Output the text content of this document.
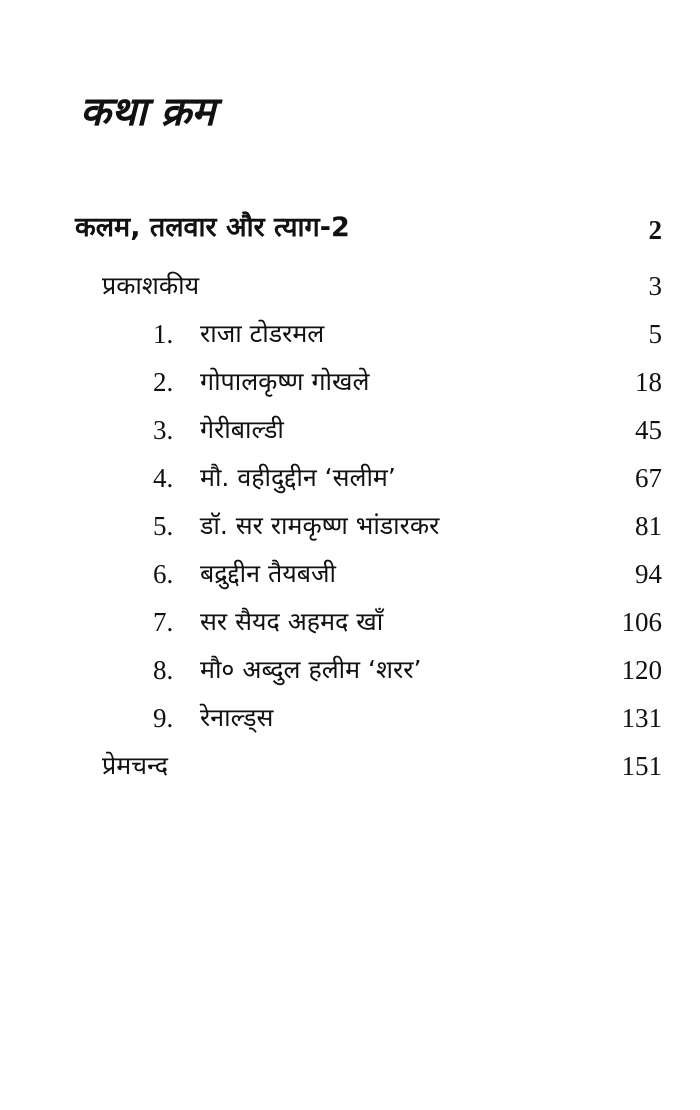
कथा क्रम
कलम, तलवार और त्याग-2	2
प्रकाशकीय	3
1. राजा टोडरमल	5
2. गोपालकृष्ण गोखले	18
3. गेरीबाल्डी	45
4. मौ. वहीदुद्दीन ‘सलीम’	67
5. डॉ. सर रामकृष्ण भांडारकर	81
6. बद्रुद्दीन तैयबजी	94
7. सर सैयद अहमद खाँ	106
8. मौ० अब्दुल हलीम ‘शरर’	120
9. रेनाल्ड्स	131
प्रेमचन्द	151
